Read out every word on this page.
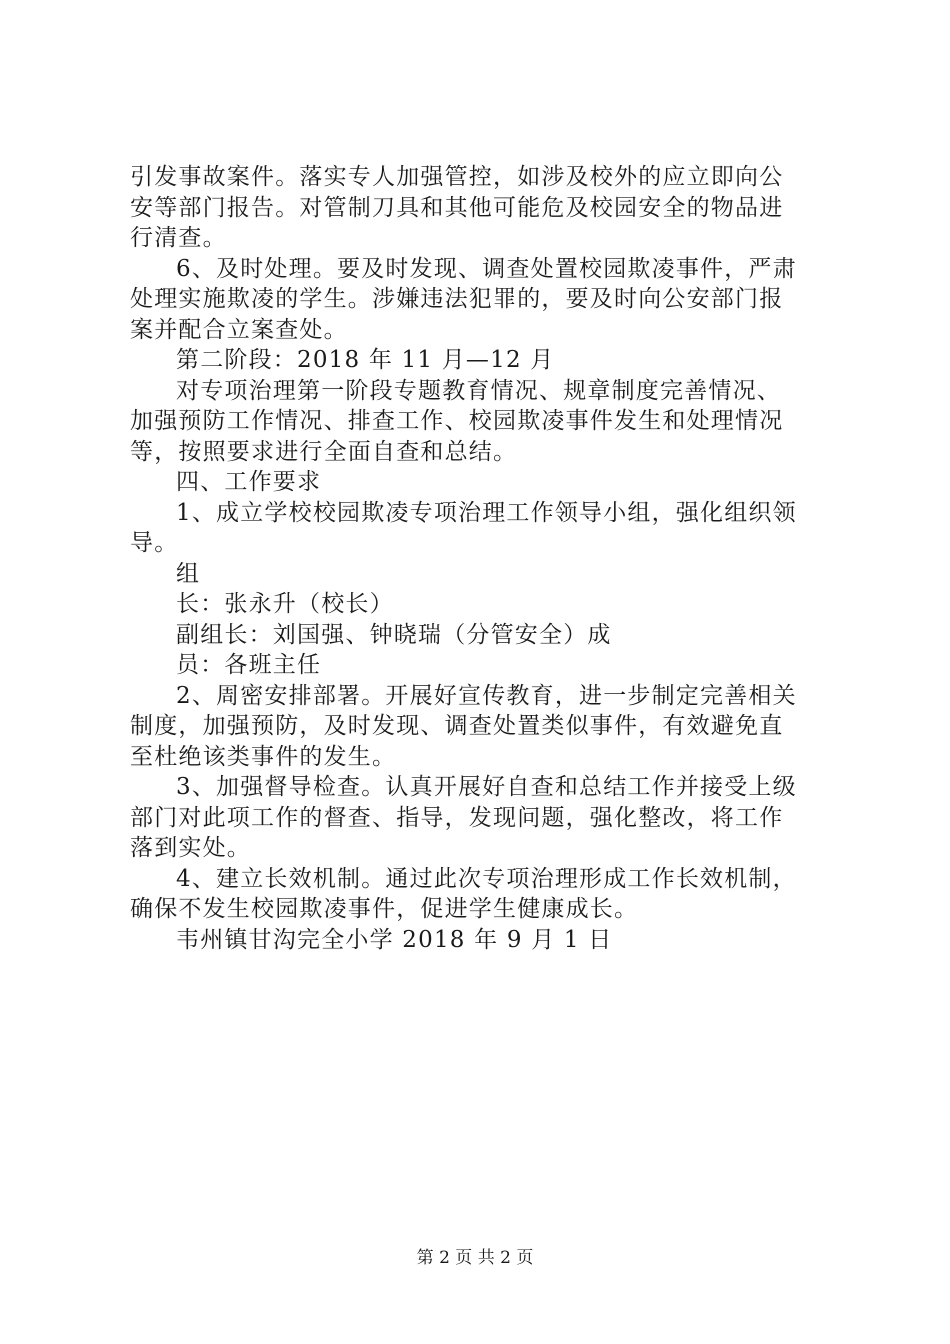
引发事故案件。落实专人加强管控，如涉及校外的应立即向公
安等部门报告。对管制刀具和其他可能危及校园安全的物品进
行清查。
6、及时处理。要及时发现、调查处置校园欺凌事件，严肃
处理实施欺凌的学生。涉嫌违法犯罪的，要及时向公安部门报
案并配合立案查处。
第二阶段：2018 年 11 月—12 月
对专项治理第一阶段专题教育情况、规章制度完善情况、
加强预防工作情况、排查工作、校园欺凌事件发生和处理情况
等，按照要求进行全面自查和总结。
四、工作要求
1、成立学校校园欺凌专项治理工作领导小组，强化组织领
导。
组
长：张永升（校长）
副组长：刘国强、钟晓瑞（分管安全）成
员：各班主任
2、周密安排部署。开展好宣传教育，进一步制定完善相关
制度，加强预防，及时发现、调查处置类似事件，有效避免直
至杜绝该类事件的发生。
3、加强督导检查。认真开展好自查和总结工作并接受上级
部门对此项工作的督查、指导，发现问题，强化整改，将工作
落到实处。
4、建立长效机制。通过此次专项治理形成工作长效机制，
确保不发生校园欺凌事件，促进学生健康成长。
韦州镇甘沟完全小学 2018 年 9 月 1 日
第 2 页 共 2 页
